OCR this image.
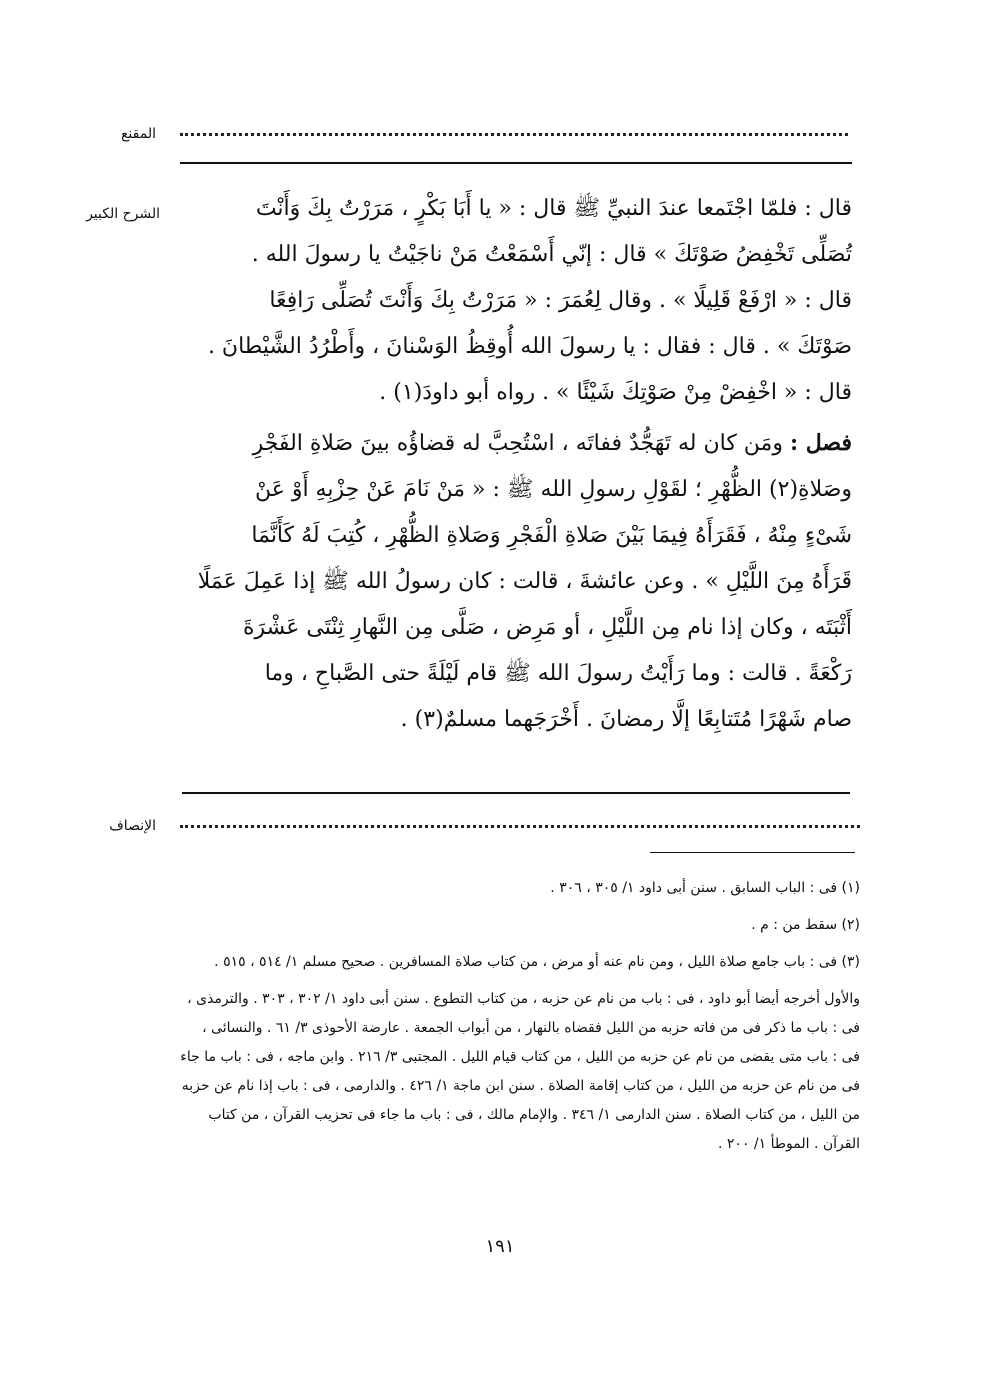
المقنع
الشرح الكبير	قال : فلمّا اجْتَمعا عندَ النبيِّ ﷺ قال : « يا أَبَا بَكْرٍ ، مَرَرْتُ بِكَ وَأَنْتَ

تُصَلِّى تَخْفِضُ صَوْتَكَ » قال : إنّي أَسْمَعْتُ مَنْ ناجَيْتُ يا رسولَ الله .

قال : « ارْفَعْ قَلِيلًا » . وقال لِعُمَرَ : « مَرَرْتُ بِكَ وَأَنْتَ تُصَلِّى رَافِعًا

صَوْتَكَ » . قال : فقال : يا رسولَ الله أُوقِظُ الوَسْنانَ ، وأَطْرُدُ الشَّيْطانَ .

قال : « اخْفِضْ مِنْ صَوْتِكَ شَيْئًا » . رواه أبو داودَ(١) .

فصل : ومَن كان له تَهَجُّدٌ ففاتَه ، اسْتُحِبَّ له قضاؤُه بينَ صَلاةِ الفَجْرِ

وصَلاةِ(٢) الظُّهْرِ ؛ لقَوْلِ رسولِ الله ﷺ : « مَنْ نَامَ عَنْ حِزْبِهِ أَوْ عَنْ

شَىْءٍ مِنْهُ ، فَقَرَأَهُ فِيمَا بَيْنَ صَلاةِ الْفَجْرِ وَصَلاةِ الظُّهْرِ ، كُتِبَ لَهُ كَأَنَّمَا

قَرَأَهُ مِنَ اللَّيْلِ » . وعن عائشةَ ، قالت : كان رسولُ الله ﷺ إذا عَمِلَ عَمَلًا

أَثْبَتَه ، وكان إذا نام مِن اللَّيْلِ ، أو مَرِض ، صَلَّى مِن النَّهارِ ثِنْتَى عَشْرَةَ

رَكْعَةً . قالت : وما رَأَيْتُ رسولَ الله ﷺ قام لَيْلَةً حتى الصَّباحِ ، وما

صام شَهْرًا مُتَتابِعًا إلَّا رمضانَ . أَخْرَجَهما مسلمٌ(٣) .

الإنصاف

(١) فى : الباب السابق . سنن أبى داود ١/ ٣٠٥ ، ٣٠٦ .

(٢) سقط من : م .

(٣) فى : باب جامع صلاة الليل ، ومن نام عنه أو مرض ، من كتاب صلاة المسافرين . صحيح مسلم ١/ ٥١٤ ، ٥١٥ .

والأول أخرجه أيضا أبو داود ، فى : باب من نام عن حزبه ، من كتاب التطوع . سنن أبى داود ١/ ٣٠٢ ، ٣٠٣ . والترمذى ، فى : باب ما ذكر فى من فاته حزبه من الليل فقضاه بالنهار ، من أبواب الجمعة . عارضة الأحوذى ٣/ ٦١ . والنسائى ، فى : باب متى يقضى من نام عن حزبه من الليل ، من كتاب قيام الليل . المجتبى ٣/ ٢١٦ . وابن ماجه ، فى : باب ما جاء فى من نام عن حزبه من الليل ، من كتاب إقامة الصلاة . سنن ابن ماجة ١/ ٤٢٦ . والدارمى ، فى : باب إذا نام عن حزبه من الليل ، من كتاب الصلاة . سنن الدارمى ١/ ٣٤٦ . والإمام مالك ، فى : باب ما جاء فى تحزيب القرآن ، من كتاب القرآن . الموطأ ١/ ٢٠٠ .

١٩١
